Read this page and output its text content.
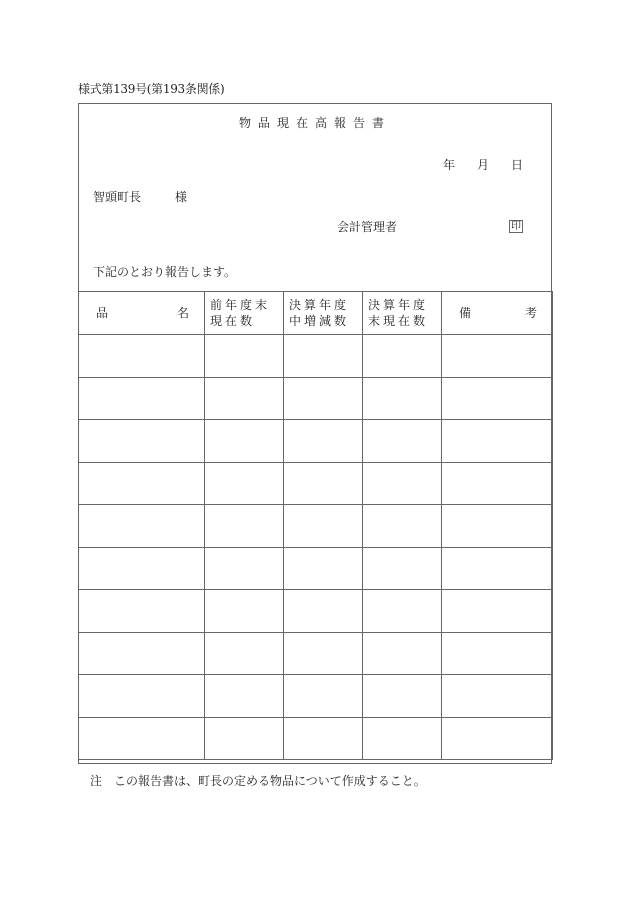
様式第139号(第193条関係)
物品現在高報告書
年 月 日
智頭町長	様
会計管理者	印
下記のとおり報告します。
品 名	前年度末現在数	決算年度中増減数	決算年度末現在数	備 考

注 この報告書は、町長の定める物品について作成すること。
